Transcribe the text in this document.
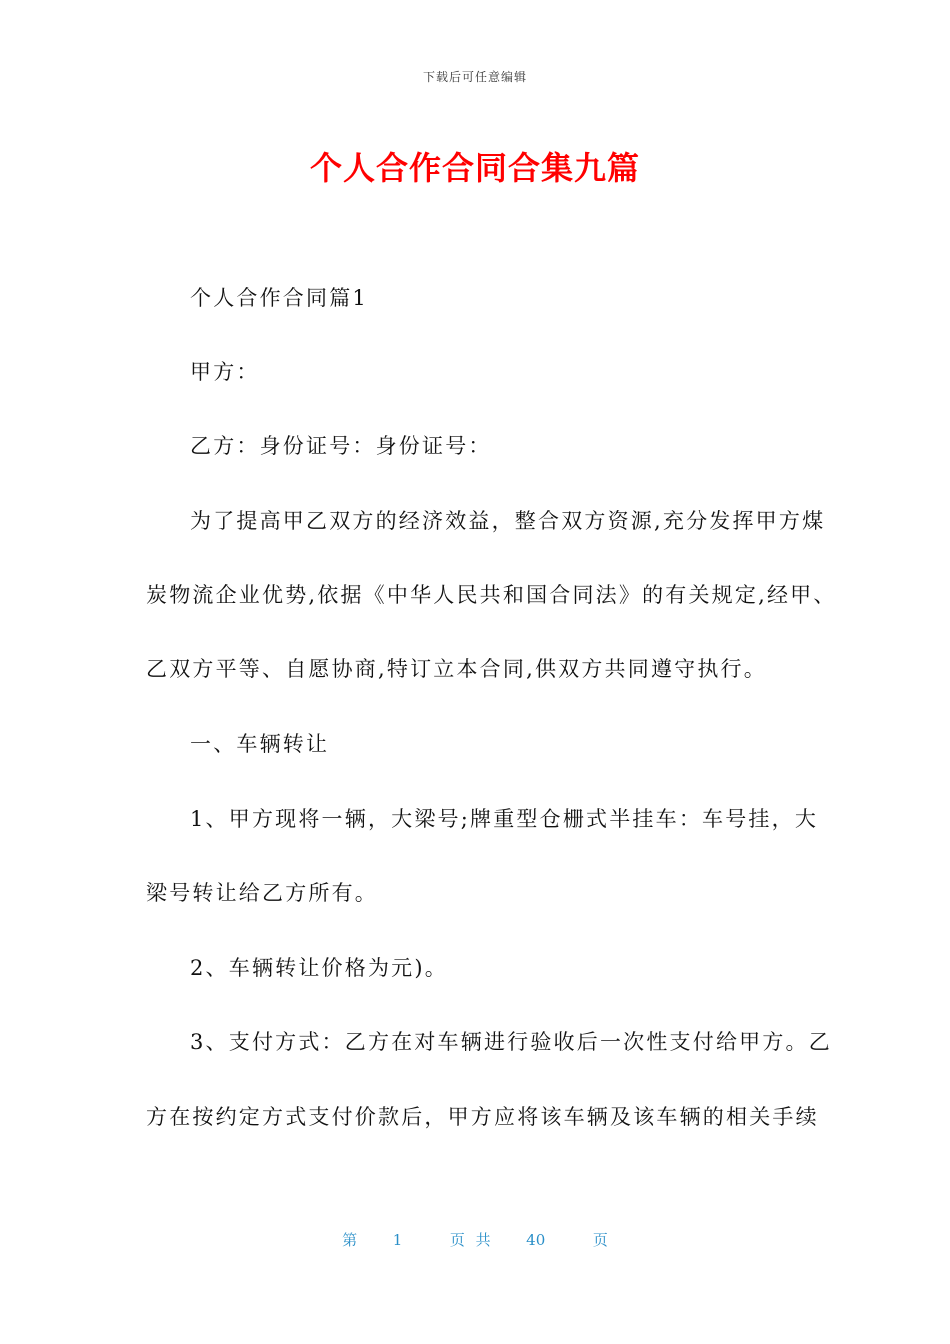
下载后可任意编辑
个人合作合同合集九篇
个人合作合同篇1
甲方：
乙方：身份证号：身份证号：
为了提高甲乙双方的经济效益，整合双方资源,充分发挥甲方煤
炭物流企业优势,依据《中华人民共和国合同法》的有关规定,经甲、
乙双方平等、自愿协商,特订立本合同,供双方共同遵守执行。
一、车辆转让
1、甲方现将一辆，大梁号;牌重型仓栅式半挂车：车号挂，大
梁号转让给乙方所有。
2、车辆转让价格为元)。
3、支付方式：乙方在对车辆进行验收后一次性支付给甲方。乙
方在按约定方式支付价款后，甲方应将该车辆及该车辆的相关手续
第 1	页 共 40	页
